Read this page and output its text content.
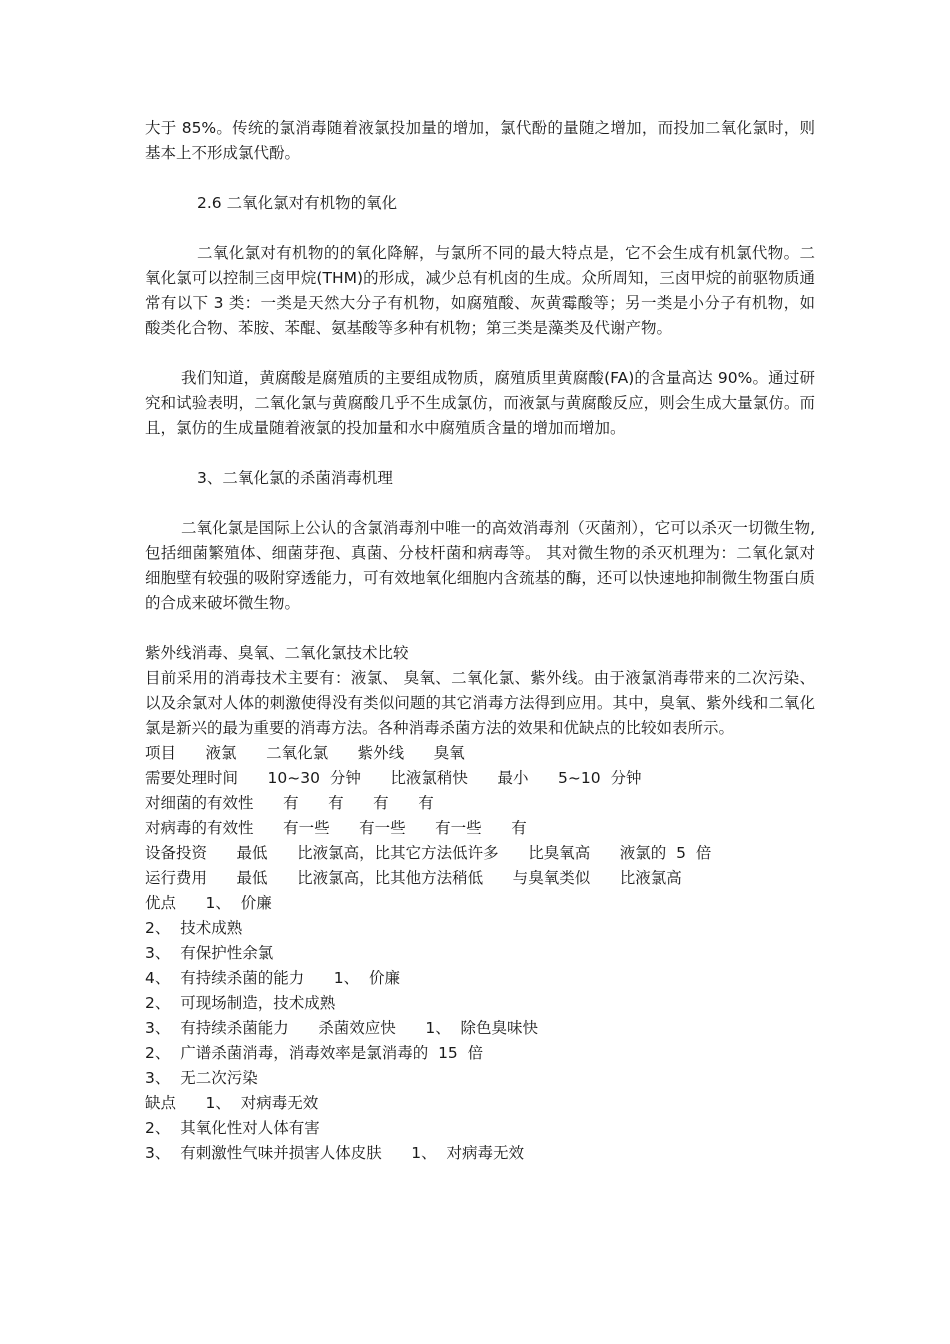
大于 85%。传统的氯消毒随着液氯投加量的增加，氯代酚的量随之增加，而投加二氧化氯时，则基本上不形成氯代酚。

2.6 二氧化氯对有机物的氧化

二氧化氯对有机物的的氧化降解，与氯所不同的最大特点是，它不会生成有机氯代物。二氧化氯可以控制三卤甲烷(THM)的形成，减少总有机卤的生成。众所周知，三卤甲烷的前驱物质通常有以下 3 类：一类是天然大分子有机物，如腐殖酸、灰黄霉酸等；另一类是小分子有机物，如酸类化合物、苯胺、苯醌、氨基酸等多种有机物；第三类是藻类及代谢产物。

我们知道，黄腐酸是腐殖质的主要组成物质，腐殖质里黄腐酸(FA)的含量高达 90%。通过研究和试验表明，二氧化氯与黄腐酸几乎不生成氯仿，而液氯与黄腐酸反应，则会生成大量氯仿。而且，氯仿的生成量随着液氯的投加量和水中腐殖质含量的增加而增加。

3、二氧化氯的杀菌消毒机理

二氧化氯是国际上公认的含氯消毒剂中唯一的高效消毒剂（灭菌剂），它可以杀灭一切微生物,包括细菌繁殖体、细菌芽孢、真菌、分枝杆菌和病毒等。 其对微生物的杀灭机理为：二氧化氯对细胞壁有较强的吸附穿透能力，可有效地氧化细胞内含巯基的酶，还可以快速地抑制微生物蛋白质的合成来破坏微生物。

紫外线消毒、臭氧、二氧化氯技术比较

目前采用的消毒技术主要有：液氯、 臭氧、二氧化氯、紫外线。由于液氯消毒带来的二次污染、以及余氯对人体的刺激使得没有类似问题的其它消毒方法得到应用。其中，臭氧、紫外线和二氧化氯是新兴的最为重要的消毒方法。各种消毒杀菌方法的效果和优缺点的比较如表所示。

项目      液氯      二氧化氯      紫外线      臭氧

需要处理时间      10~30  分钟      比液氯稍快      最小      5~10  分钟

对细菌的有效性      有      有      有      有

对病毒的有效性      有一些      有一些      有一些      有

设备投资      最低      比液氯高，比其它方法低许多      比臭氧高      液氯的  5  倍

运行费用      最低      比液氯高，比其他方法稍低      与臭氧类似      比液氯高

优点      1、  价廉

2、  技术成熟

3、  有保护性余氯

4、  有持续杀菌的能力      1、  价廉

2、  可现场制造，技术成熟

3、  有持续杀菌能力      杀菌效应快      1、  除色臭味快

2、  广谱杀菌消毒，消毒效率是氯消毒的  15  倍

3、  无二次污染

缺点      1、  对病毒无效

2、  其氧化性对人体有害

3、  有刺激性气味并损害人体皮肤      1、  对病毒无效
